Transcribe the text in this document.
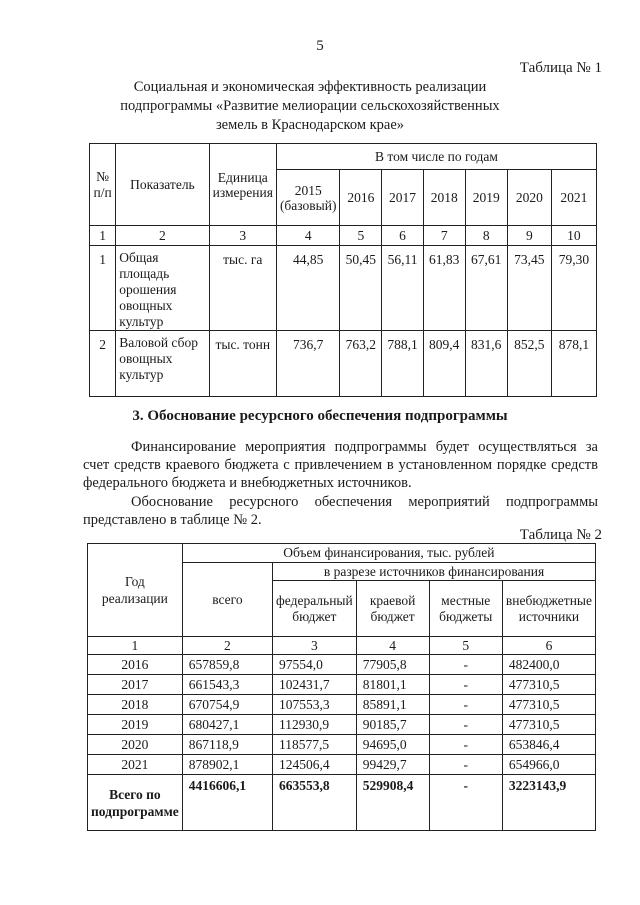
5
Таблица № 1
Социальная и экономическая эффективность реализации
подпрограммы «Развитие мелиорации сельскохозяйственных
земель в Краснодарском крае»
№ п/п	Показатель	Единица измерения	В том числе по годам						
			2015 (базовый)	2016	2017	2018	2019	2020	2021
1	2	3	4	5	6	7	8	9	10
1	Общая площадь орошения овощных культур	тыс. га	44,85	50,45	56,11	61,83	67,61	73,45	79,30
2	Валовой сбор овощных культур	тыс. тонн	736,7	763,2	788,1	809,4	831,6	852,5	878,1
3. Обоснование ресурсного обеспечения подпрограммы
Финансирование мероприятия подпрограммы будет осуществляться за счет средств краевого бюджета с привлечением в установленном порядке средств федерального бюджета и внебюджетных источников.
Обоснование ресурсного обеспечения мероприятий подпрограммы представлено в таблице № 2.
Таблица № 2
Год реализации	Объем финансирования, тыс. рублей				
	всего	в разрезе источников финансирования			
		федеральный бюджет	краевой бюджет	местные бюджеты	внебюджетные источники
1	2	3	4	5	6
2016	657859,8	97554,0	77905,8	-	482400,0
2017	661543,3	102431,7	81801,1	-	477310,5
2018	670754,9	107553,3	85891,1	-	477310,5
2019	680427,1	112930,9	90185,7	-	477310,5
2020	867118,9	118577,5	94695,0	-	653846,4
2021	878902,1	124506,4	99429,7	-	654966,0
Всего по подпрограмме	4416606,1	663553,8	529908,4	-	3223143,9
